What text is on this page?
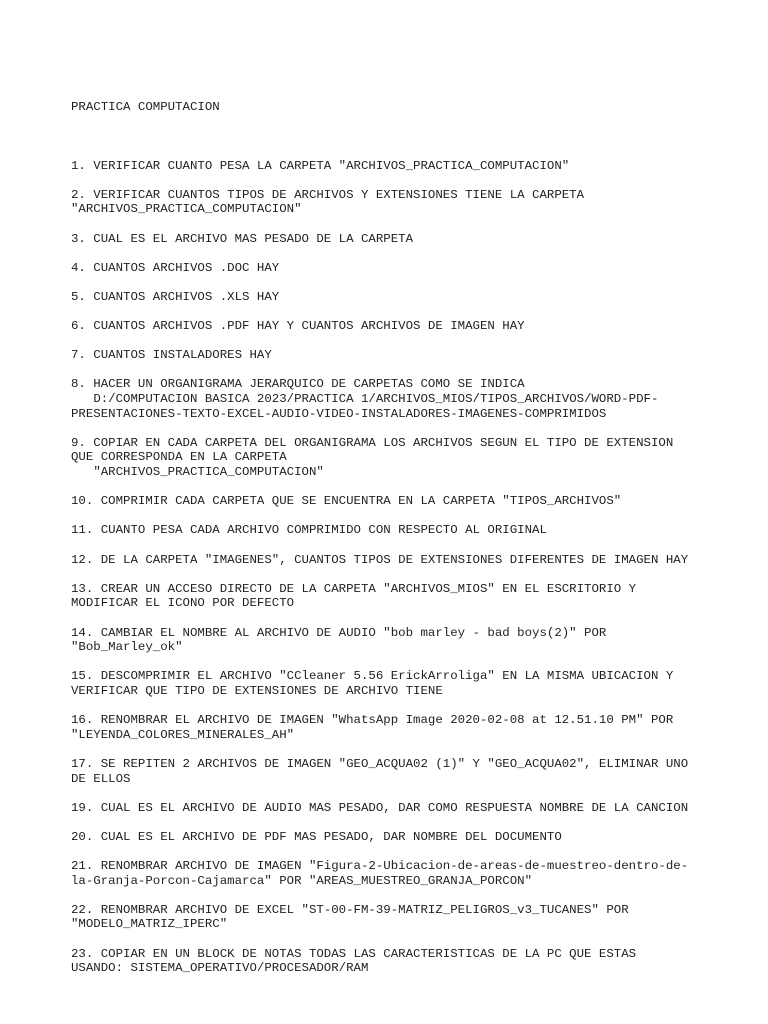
PRACTICA COMPUTACION

1. VERIFICAR CUANTO PESA LA CARPETA "ARCHIVOS_PRACTICA_COMPUTACION"
2. VERIFICAR CUANTOS TIPOS DE ARCHIVOS Y EXTENSIONES TIENE LA CARPETA
"ARCHIVOS_PRACTICA_COMPUTACION"
3. CUAL ES EL ARCHIVO MAS PESADO DE LA CARPETA
4. CUANTOS ARCHIVOS .DOC HAY
5. CUANTOS ARCHIVOS .XLS HAY
6. CUANTOS ARCHIVOS .PDF HAY Y CUANTOS ARCHIVOS DE IMAGEN HAY
7. CUANTOS INSTALADORES HAY
8. HACER UN ORGANIGRAMA JERARQUICO DE CARPETAS COMO SE INDICA
D:/COMPUTACION BASICA 2023/PRACTICA 1/ARCHIVOS_MIOS/TIPOS_ARCHIVOS/WORD-PDF-
PRESENTACIONES-TEXTO-EXCEL-AUDIO-VIDEO-INSTALADORES-IMAGENES-COMPRIMIDOS
9. COPIAR EN CADA CARPETA DEL ORGANIGRAMA LOS ARCHIVOS SEGUN EL TIPO DE EXTENSION
QUE CORRESPONDA EN LA CARPETA
"ARCHIVOS_PRACTICA_COMPUTACION"
10. COMPRIMIR CADA CARPETA QUE SE ENCUENTRA EN LA CARPETA "TIPOS_ARCHIVOS"
11. CUANTO PESA CADA ARCHIVO COMPRIMIDO CON RESPECTO AL ORIGINAL
12. DE LA CARPETA "IMAGENES", CUANTOS TIPOS DE EXTENSIONES DIFERENTES DE IMAGEN HAY
13. CREAR UN ACCESO DIRECTO DE LA CARPETA "ARCHIVOS_MIOS" EN EL ESCRITORIO Y
MODIFICAR EL ICONO POR DEFECTO
14. CAMBIAR EL NOMBRE AL ARCHIVO DE AUDIO "bob marley - bad boys(2)" POR
"Bob_Marley_ok"
15. DESCOMPRIMIR EL ARCHIVO "CCleaner 5.56 ErickArroliga" EN LA MISMA UBICACION Y
VERIFICAR QUE TIPO DE EXTENSIONES DE ARCHIVO TIENE
16. RENOMBRAR EL ARCHIVO DE IMAGEN "WhatsApp Image 2020-02-08 at 12.51.10 PM" POR
"LEYENDA_COLORES_MINERALES_AH"
17. SE REPITEN 2 ARCHIVOS DE IMAGEN "GEO_ACQUA02 (1)" Y "GEO_ACQUA02", ELIMINAR UNO
DE ELLOS
19. CUAL ES EL ARCHIVO DE AUDIO MAS PESADO, DAR COMO RESPUESTA NOMBRE DE LA CANCION
20. CUAL ES EL ARCHIVO DE PDF MAS PESADO, DAR NOMBRE DEL DOCUMENTO
21. RENOMBRAR ARCHIVO DE IMAGEN "Figura-2-Ubicacion-de-areas-de-muestreo-dentro-de-
la-Granja-Porcon-Cajamarca" POR "AREAS_MUESTREO_GRANJA_PORCON"
22. RENOMBRAR ARCHIVO DE EXCEL "ST-00-FM-39-MATRIZ_PELIGROS_v3_TUCANES" POR
"MODELO_MATRIZ_IPERC"
23. COPIAR EN UN BLOCK DE NOTAS TODAS LAS CARACTERISTICAS DE LA PC QUE ESTAS
USANDO: SISTEMA_OPERATIVO/PROCESADOR/RAM
